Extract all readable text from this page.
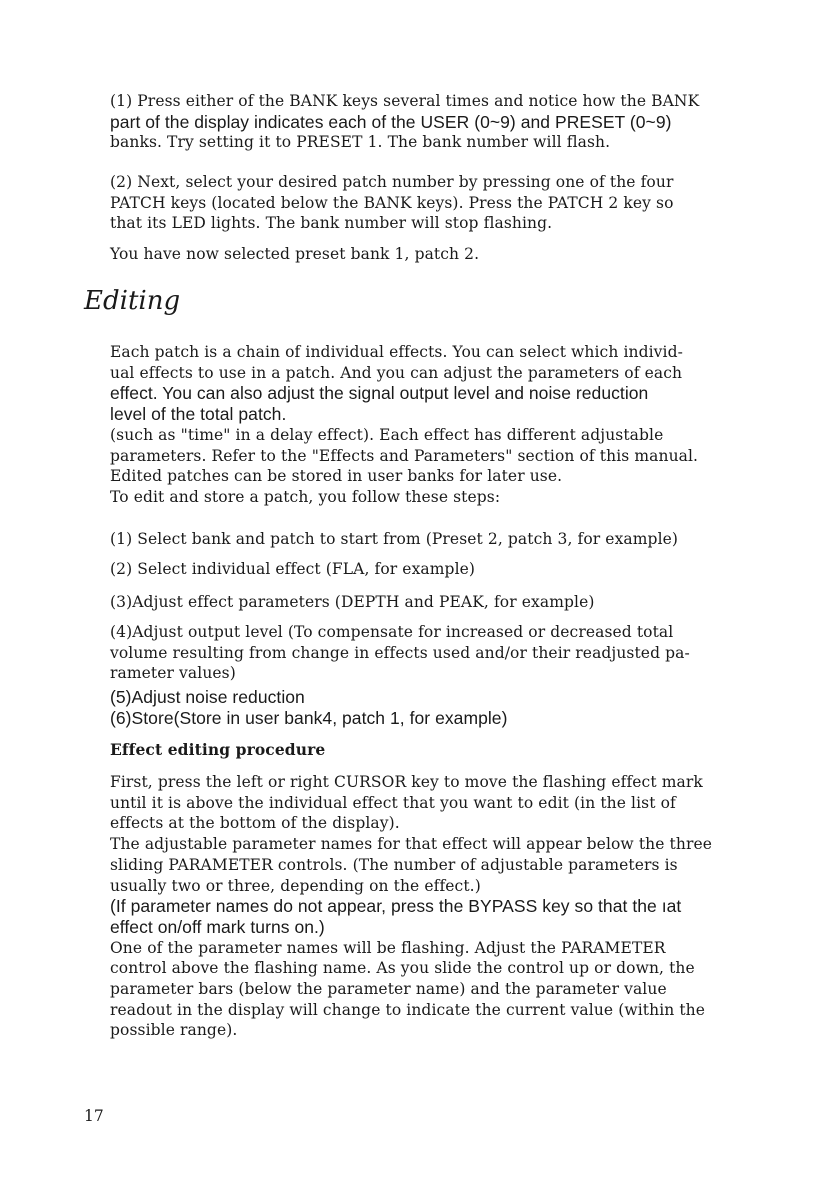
(1) Press either of the BANK keys several times and notice how the BANK

part of the display indicates each of the USER (0~9) and PRESET (0~9)

banks. Try setting it to PRESET 1. The bank number will flash.

(2) Next, select your desired patch number by pressing one of the four

PATCH keys (located below the BANK keys). Press the PATCH 2 key so

that its LED lights. The bank number will stop flashing.

You have now selected preset bank 1, patch 2.

Editing

Each patch is a chain of individual effects. You can select which individ-

ual effects to use in a patch. And you can adjust the parameters of each

effect. You can also adjust the signal output level and noise reduction

level of the total patch.

(such as "time" in a delay effect). Each effect has different adjustable

parameters. Refer to the "Effects and Parameters" section of this manual.

Edited patches can be stored in user banks for later use.

To edit and store a patch, you follow these steps:

(1) Select bank and patch to start from (Preset 2, patch 3, for example)

(2) Select individual effect (FLA, for example)

(3)Adjust effect parameters (DEPTH and PEAK, for example)

(4)Adjust output level (To compensate for increased or decreased total

volume resulting from change in effects used and/or their readjusted pa-

rameter values)

(5)Adjust noise reduction

(6)Store(Store in user bank4, patch 1, for example)

Effect editing procedure

First, press the left or right CURSOR key to move the flashing effect mark

until it is above the individual effect that you want to edit (in the list of

effects at the bottom of the display).

The adjustable parameter names for that effect will appear below the three

sliding PARAMETER controls. (The number of adjustable parameters is

usually two or three, depending on the effect.)

(If parameter names do not appear, press the BYPASS key so that the ıat

effect on/off mark turns on.)

One of the parameter names will be flashing. Adjust the PARAMETER

control above the flashing name. As you slide the control up or down, the

parameter bars (below the parameter name) and the parameter value

readout in the display will change to indicate the current value (within the

possible range).

17
